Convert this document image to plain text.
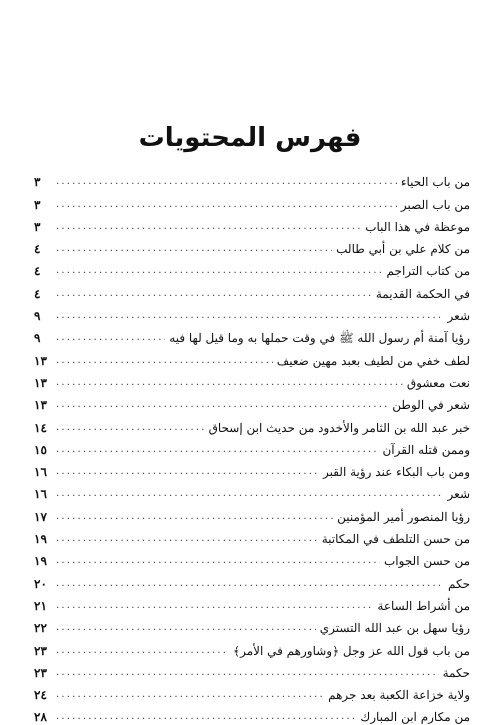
فهرس المحتويات
من باب الحياء
.....
٣
من باب الصبر
.....
٣
موعظة في هذا الباب
.....
٣
من كلام علي بن أبي طالب
.....
٤
من كتاب التراجم
.....
٤
في الحكمة القديمة
.....
٤
شعر
.....
٩
رؤيا آمنة أم رسول الله ﷺ في وقت حملها به وما قيل لها فيه
.....
٩
لطف خفي من لطيف بعبد مهين ضعيف
.....
١٣
نعت معشوق
.....
١٣
شعر في الوطن
.....
١٣
خبر عبد الله بن الثامر والأخدود من حديث ابن إسحاق
.....
١٤
وممن قتله القرآن
.....
١٥
ومن باب البكاء عند رؤية القبر
.....
١٦
شعر
.....
١٦
رؤيا المنصور أمير المؤمنين
.....
١٧
من حسن التلطف في المكاتبة
.....
١٩
من حسن الجواب
.....
١٩
حكم
.....
٢٠
من أشراط الساعة
.....
٢١
رؤيا سهل بن عبد الله التستري
.....
٢٢
من باب قول الله عز وجل ﴿وشاورهم في الأمر﴾
.....
٢٣
حكمة
.....
٢٣
ولاية خزاعة الكعبة بعد جرهم
.....
٢٤
من مكارم ابن المبارك
.....
٢٨
